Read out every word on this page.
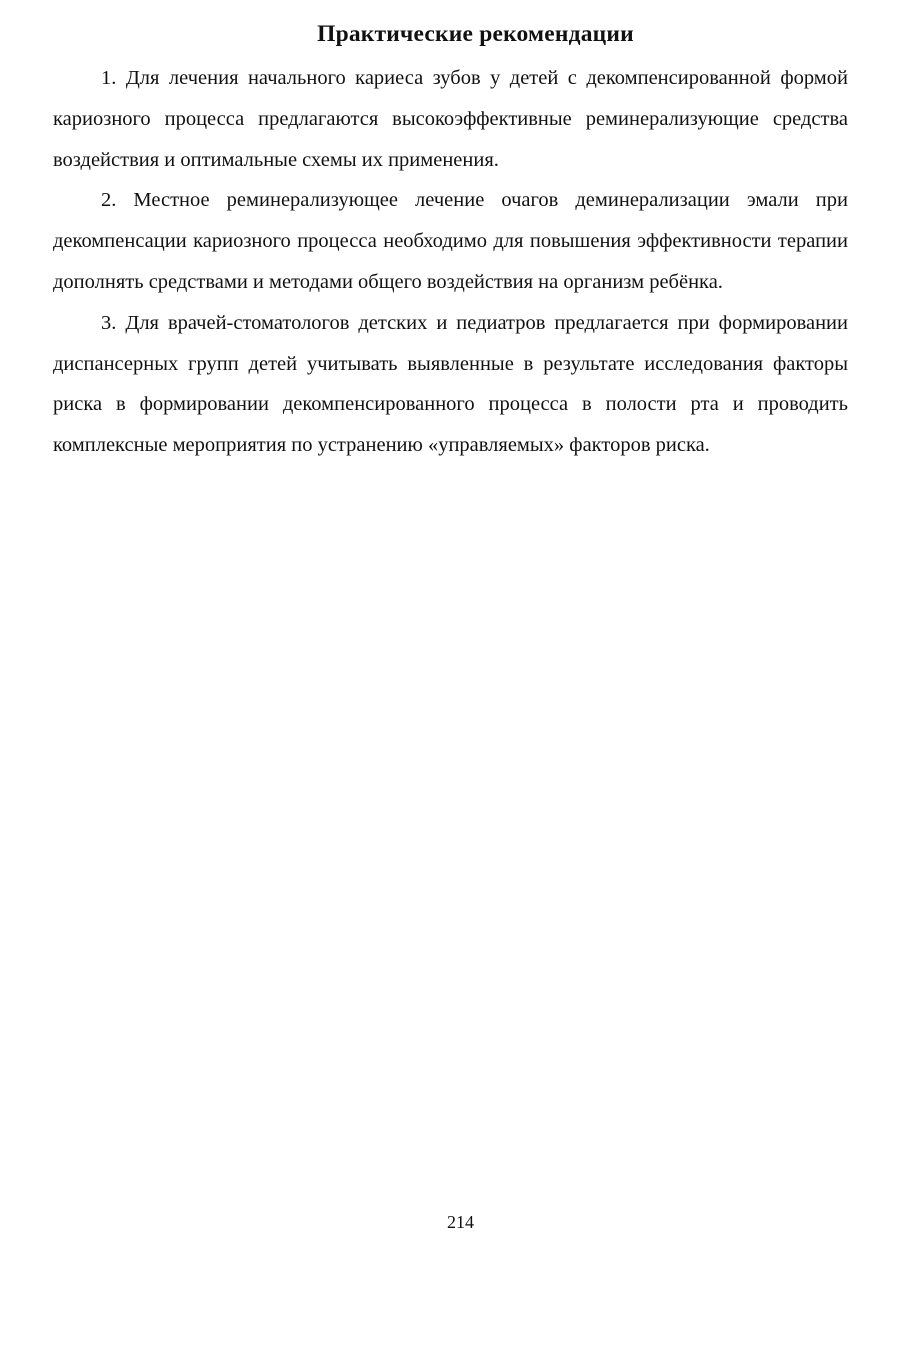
Практические рекомендации

1. Для лечения начального кариеса зубов у детей с декомпенсированной формой кариозного процесса предлагаются высокоэффективные реминерализующие средства воздействия и оптимальные схемы их применения.

2. Местное реминерализующее лечение очагов деминерализации эмали при декомпенсации кариозного процесса необходимо для повышения эффективности терапии дополнять средствами и методами общего воздействия на организм ребёнка.

3. Для врачей-стоматологов детских и педиатров предлагается при формировании диспансерных групп детей учитывать выявленные в результате исследования факторы риска в формировании декомпенсированного процесса в полости рта и проводить комплексные мероприятия по устранению «управляемых» факторов риска.

214
